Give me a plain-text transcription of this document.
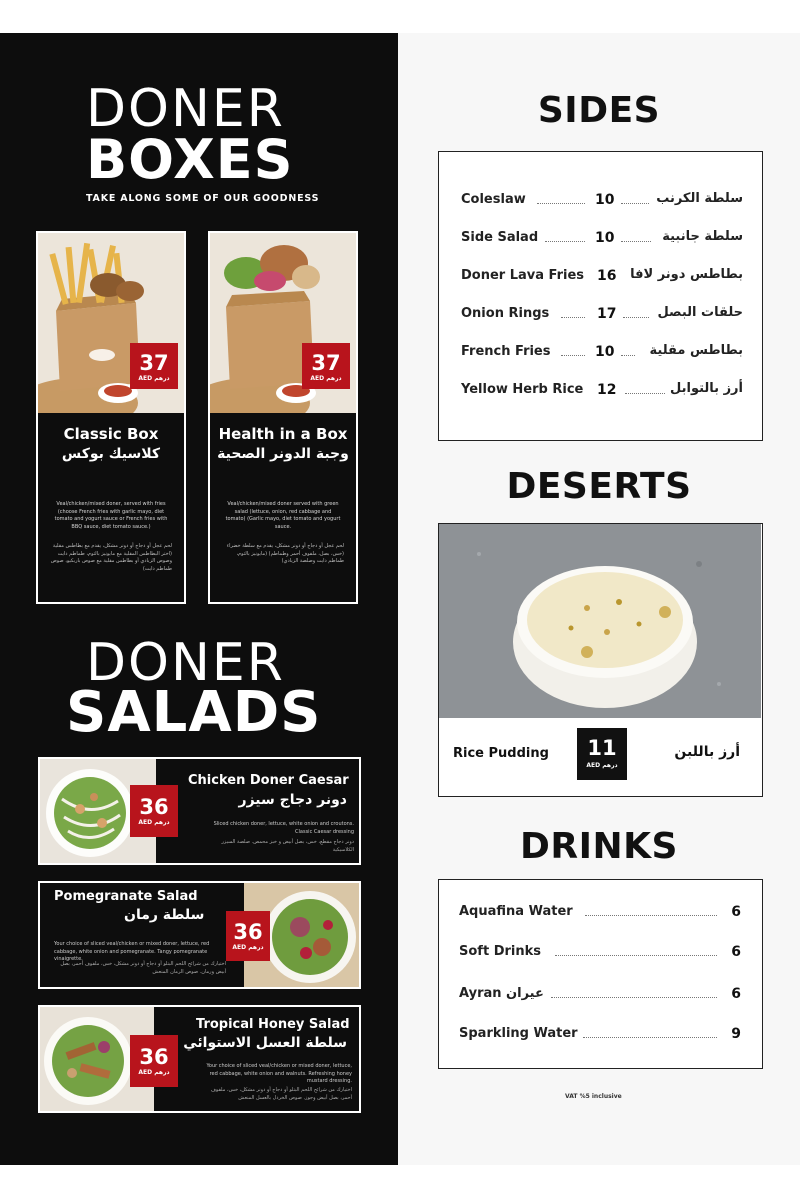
DONER
BOXES
TAKE ALONG SOME OF OUR GOODNESS
37
AED درهم
Classic Box
كلاسيك بوكس
Veal/chicken/mixed doner, served with fries (choose French fries with garlic mayo, diet tomato and yogurt sauce or French fries with BBQ sauce, diet tomato sauce.)
لحم عجل أو دجاج أو دونر مشكل، يقدم مع بطاطس مقلية (اختر البطاطس المقلية مع مايونيز بالثوم، طماطم دايت وصوص الزبادي أو بطاطس مقلية مع صوص باربكيو، صوص طماطم دايت)
37
AED درهم
Health in a Box
وجبة الدونر الصحية
Veal/chicken/mixed doner served with green salad (lettuce, onion, red cabbage and tomato) (Garlic mayo, diet tomato and yogurt sauce.
لحم عجل أو دجاج أو دونر مشكل، يقدم مع سلطة خضراء (خس، بصل، ملفوف أحمر وطماطم) (مايونيز بالثوم، طماطم دايت وصلصة الزبادي)
DONER
SALADS
36
AED درهم
Chicken Doner Caesar
دونر دجاج سيزر
Sliced chicken doner, lettuce, white onion and croutons. Classic Caesar dressing
دونر دجاج مقطع، خس، بصل أبيض و خبز محمص. صلصة السيزر الكلاسيكية
Pomegranate Salad
سلطة رمان
Your choice of sliced veal/chicken or mixed doner, lettuce, red cabbage, white onion and pomegranate. Tangy pomegranate vinaigrette.
اختيارك من شرائح اللحم البتلو أو دجاج أو دونر مشكل، خس، ملفوف أحمر، بصل أبيض ورمان. صوص الرمان المنعش
36
AED درهم
36
AED درهم
Tropical Honey Salad
سلطة العسل الاستوائي
Your choice of sliced veal/chicken or mixed doner, lettuce, red cabbage, white onion and walnuts. Refreshing honey mustard dressing.
اختيارك من شرائح اللحم البتلو أو دجاج أو دونر مشكل، خس، ملفوف أحمر، بصل أبيض وجوز. صوص الخردل بالعسل المنعش
SIDES
Coleslaw	10	سلطة الكرنب
Side Salad	10	سلطة جانبية
Doner Lava Fries 16 بطاطس دونر لافا
Onion Rings	17	حلقات البصل
French Fries	10	بطاطس مقلية
Yellow Herb Rice 12	أرز بالتوابل
DESERTS
Rice Pudding	11
AED درهم
أرز باللبن
DRINKS
Aquafina Water	6
Soft Drinks	6
Ayran عيران	6
Sparkling Water	9
VAT %5 inclusive
